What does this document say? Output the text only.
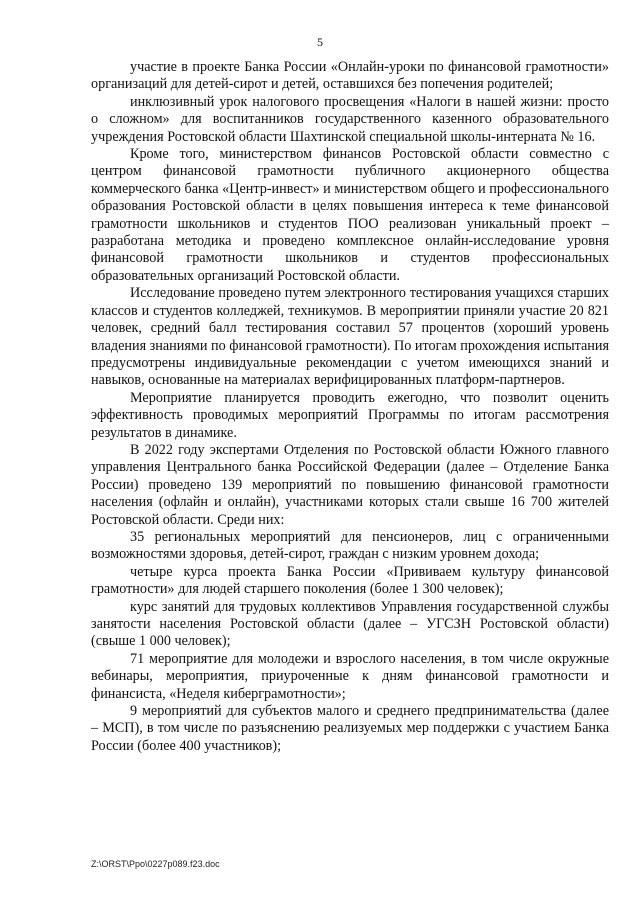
5

участие в проекте Банка России «Онлайн-уроки по финансовой грамотности» организаций для детей-сирот и детей, оставшихся без попечения родителей;

инклюзивный урок налогового просвещения «Налоги в нашей жизни: просто о сложном» для воспитанников государственного казенного образовательного учреждения Ростовской области Шахтинской специальной школы-интерната № 16.

Кроме того, министерством финансов Ростовской области совместно с центром финансовой грамотности публичного акционерного общества коммерческого банка «Центр-инвест» и министерством общего и профессионального образования Ростовской области в целях повышения интереса к теме финансовой грамотности школьников и студентов ПОО реализован уникальный проект – разработана методика и проведено комплексное онлайн-исследование уровня финансовой грамотности школьников и студентов профессиональных образовательных организаций Ростовской области.

Исследование проведено путем электронного тестирования учащихся старших классов и студентов колледжей, техникумов. В мероприятии приняли участие 20 821 человек, средний балл тестирования составил 57 процентов (хороший уровень владения знаниями по финансовой грамотности). По итогам прохождения испытания предусмотрены индивидуальные рекомендации с учетом имеющихся знаний и навыков, основанные на материалах верифицированных платформ-партнеров.

Мероприятие планируется проводить ежегодно, что позволит оценить эффективность проводимых мероприятий Программы по итогам рассмотрения результатов в динамике.

В 2022 году экспертами Отделения по Ростовской области Южного главного управления Центрального банка Российской Федерации (далее – Отделение Банка России) проведено 139 мероприятий по повышению финансовой грамотности населения (офлайн и онлайн), участниками которых стали свыше 16 700 жителей Ростовской области. Среди них:

35 региональных мероприятий для пенсионеров, лиц с ограниченными возможностями здоровья, детей-сирот, граждан с низким уровнем дохода;

четыре курса проекта Банка России «Прививаем культуру финансовой грамотности» для людей старшего поколения (более 1 300 человек);

курс занятий для трудовых коллективов Управления государственной службы занятости населения Ростовской области (далее – УГСЗН Ростовской области) (свыше 1 000 человек);

71 мероприятие для молодежи и взрослого населения, в том числе окружные вебинары, мероприятия, приуроченные к дням финансовой грамотности и финансиста, «Неделя киберграмотности»;

9 мероприятий для субъектов малого и среднего предпринимательства (далее – МСП), в том числе по разъяснению реализуемых мер поддержки с участием Банка России (более 400 участников);

Z:\ORST\Ppo\0227p089.f23.doc
